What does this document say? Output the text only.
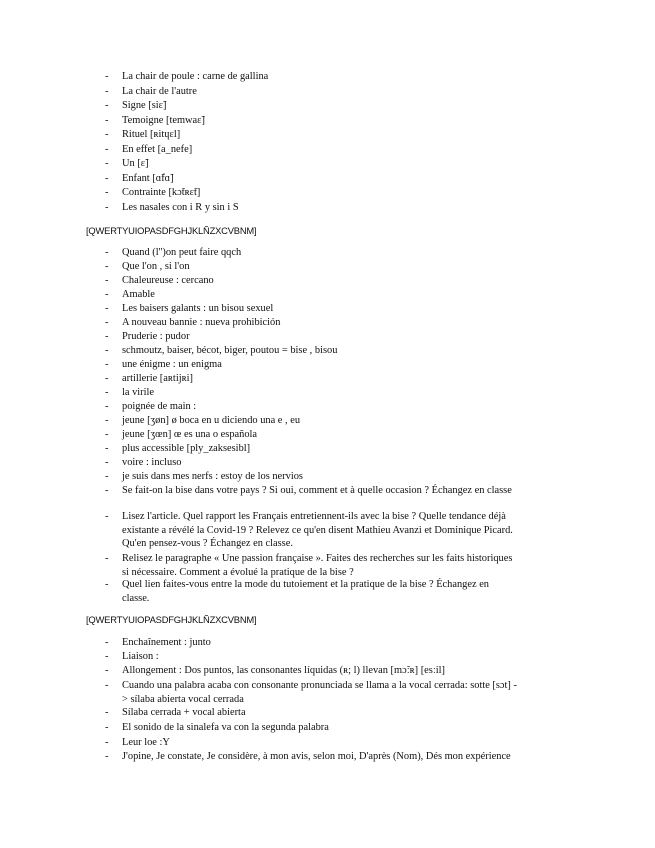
- La chair de poule : carne de gallina
- La chair de l'autre
- Signe [siɛ̃]
- Temoigne [temwaɛ̃]
- Rituel [ʀitɥɛl]
- En effet [a_nefe]
- Un [ɛ̃]
- Enfant [ɑ̃fɑ̃]
- Contrainte [kɔ̃tʀɛ̃t]
- Les nasales con i R y sin i S
[QWERTYUIOPASDFGHJKLÑZXCVBNM]
- Quand (l'')on peut faire qqch
- Que l'on , si l'on
- Chaleureuse : cercano
- Amable
- Les baisers galants : un bisou sexuel
- A nouveau bannie : nueva prohibición
- Pruderie : pudor
- schmoutz, baiser, bécot, biger, poutou = bise , bisou
- une énigme : un enigma
- artillerie [aʀtijʀi]
- la virile
- poignée de main :
- jeune [ʒøn] ø boca en u diciendo una e , eu
- jeune [ʒœn] œ es una o española
- plus accessible [ply_zaksesibl]
- voire : incluso
- je suis dans mes nerfs : estoy de los nervios
- Se fait-on la bise dans votre pays ? Si oui, comment et à quelle occasion ? Échangez en classe
- Lisez l'article. Quel rapport les Français entretiennent-ils avec la bise ? Quelle tendance déjà existante a révélé la Covid-19 ? Relevez ce qu'en disent Mathieu Avanzi et Dominique Picard. Qu'en pensez-vous ? Échangez en classe.
- Relisez le paragraphe « Une passion française ». Faites des recherches sur les faits historiques si nécessaire. Comment a évolué la pratique de la bise ?
- Quel lien faites-vous entre la mode du tutoiement et la pratique de la bise ? Échangez en classe.
[QWERTYUIOPASDFGHJKLÑZXCVBNM]
- Enchaînement : junto
- Liaison :
- Allongement : Dos puntos, las consonantes líquidas (ʀ; l) llevan [mɔ̃ːʀ] [esːil]
- Cuando una palabra acaba con consonante pronunciada se llama a la vocal cerrada: sotte [sɔt] -> sílaba abierta vocal cerrada
- Sílaba cerrada + vocal abierta
- El sonido de la sinalefa va con la segunda palabra
- Leur loe :Y
- J'opine, Je constate, Je considère, à mon avis, selon moi, D'après (Nom), Dés mon expérience
